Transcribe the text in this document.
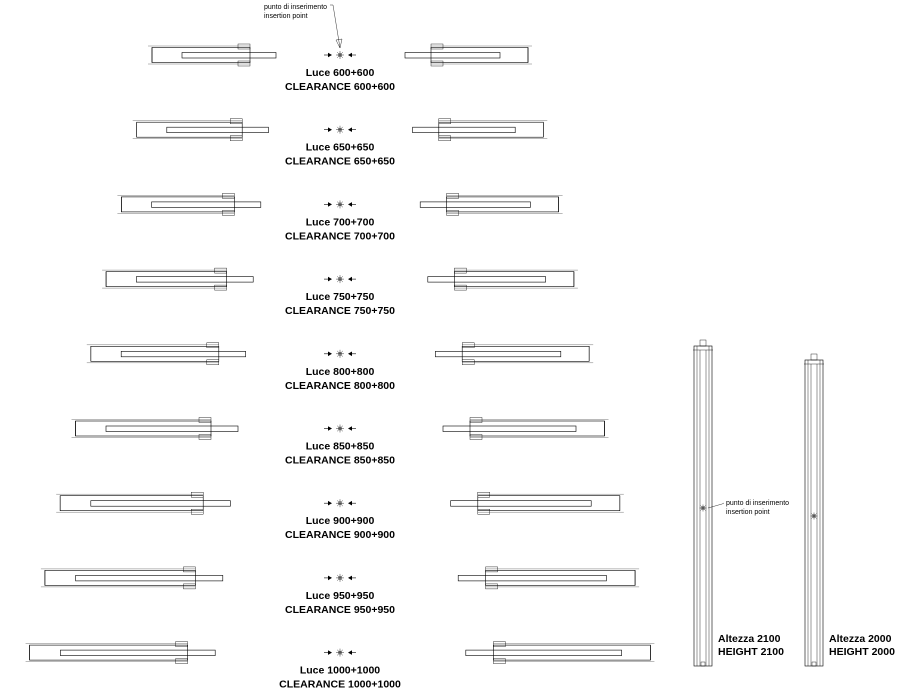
Luce 600+600
CLEARANCE 600+600
Luce 650+650
CLEARANCE 650+650
Luce 700+700
CLEARANCE 700+700
Luce 750+750
CLEARANCE 750+750
Luce 800+800
CLEARANCE 800+800
Luce 850+850
CLEARANCE 850+850
Luce 900+900
CLEARANCE 900+900
Luce 950+950
CLEARANCE 950+950
Luce 1000+1000
CLEARANCE 1000+1000
punto di inserimento
insertion point
punto di inserimento
insertion point
Altezza 2100
HEIGHT 2100
Altezza 2000
HEIGHT 2000
